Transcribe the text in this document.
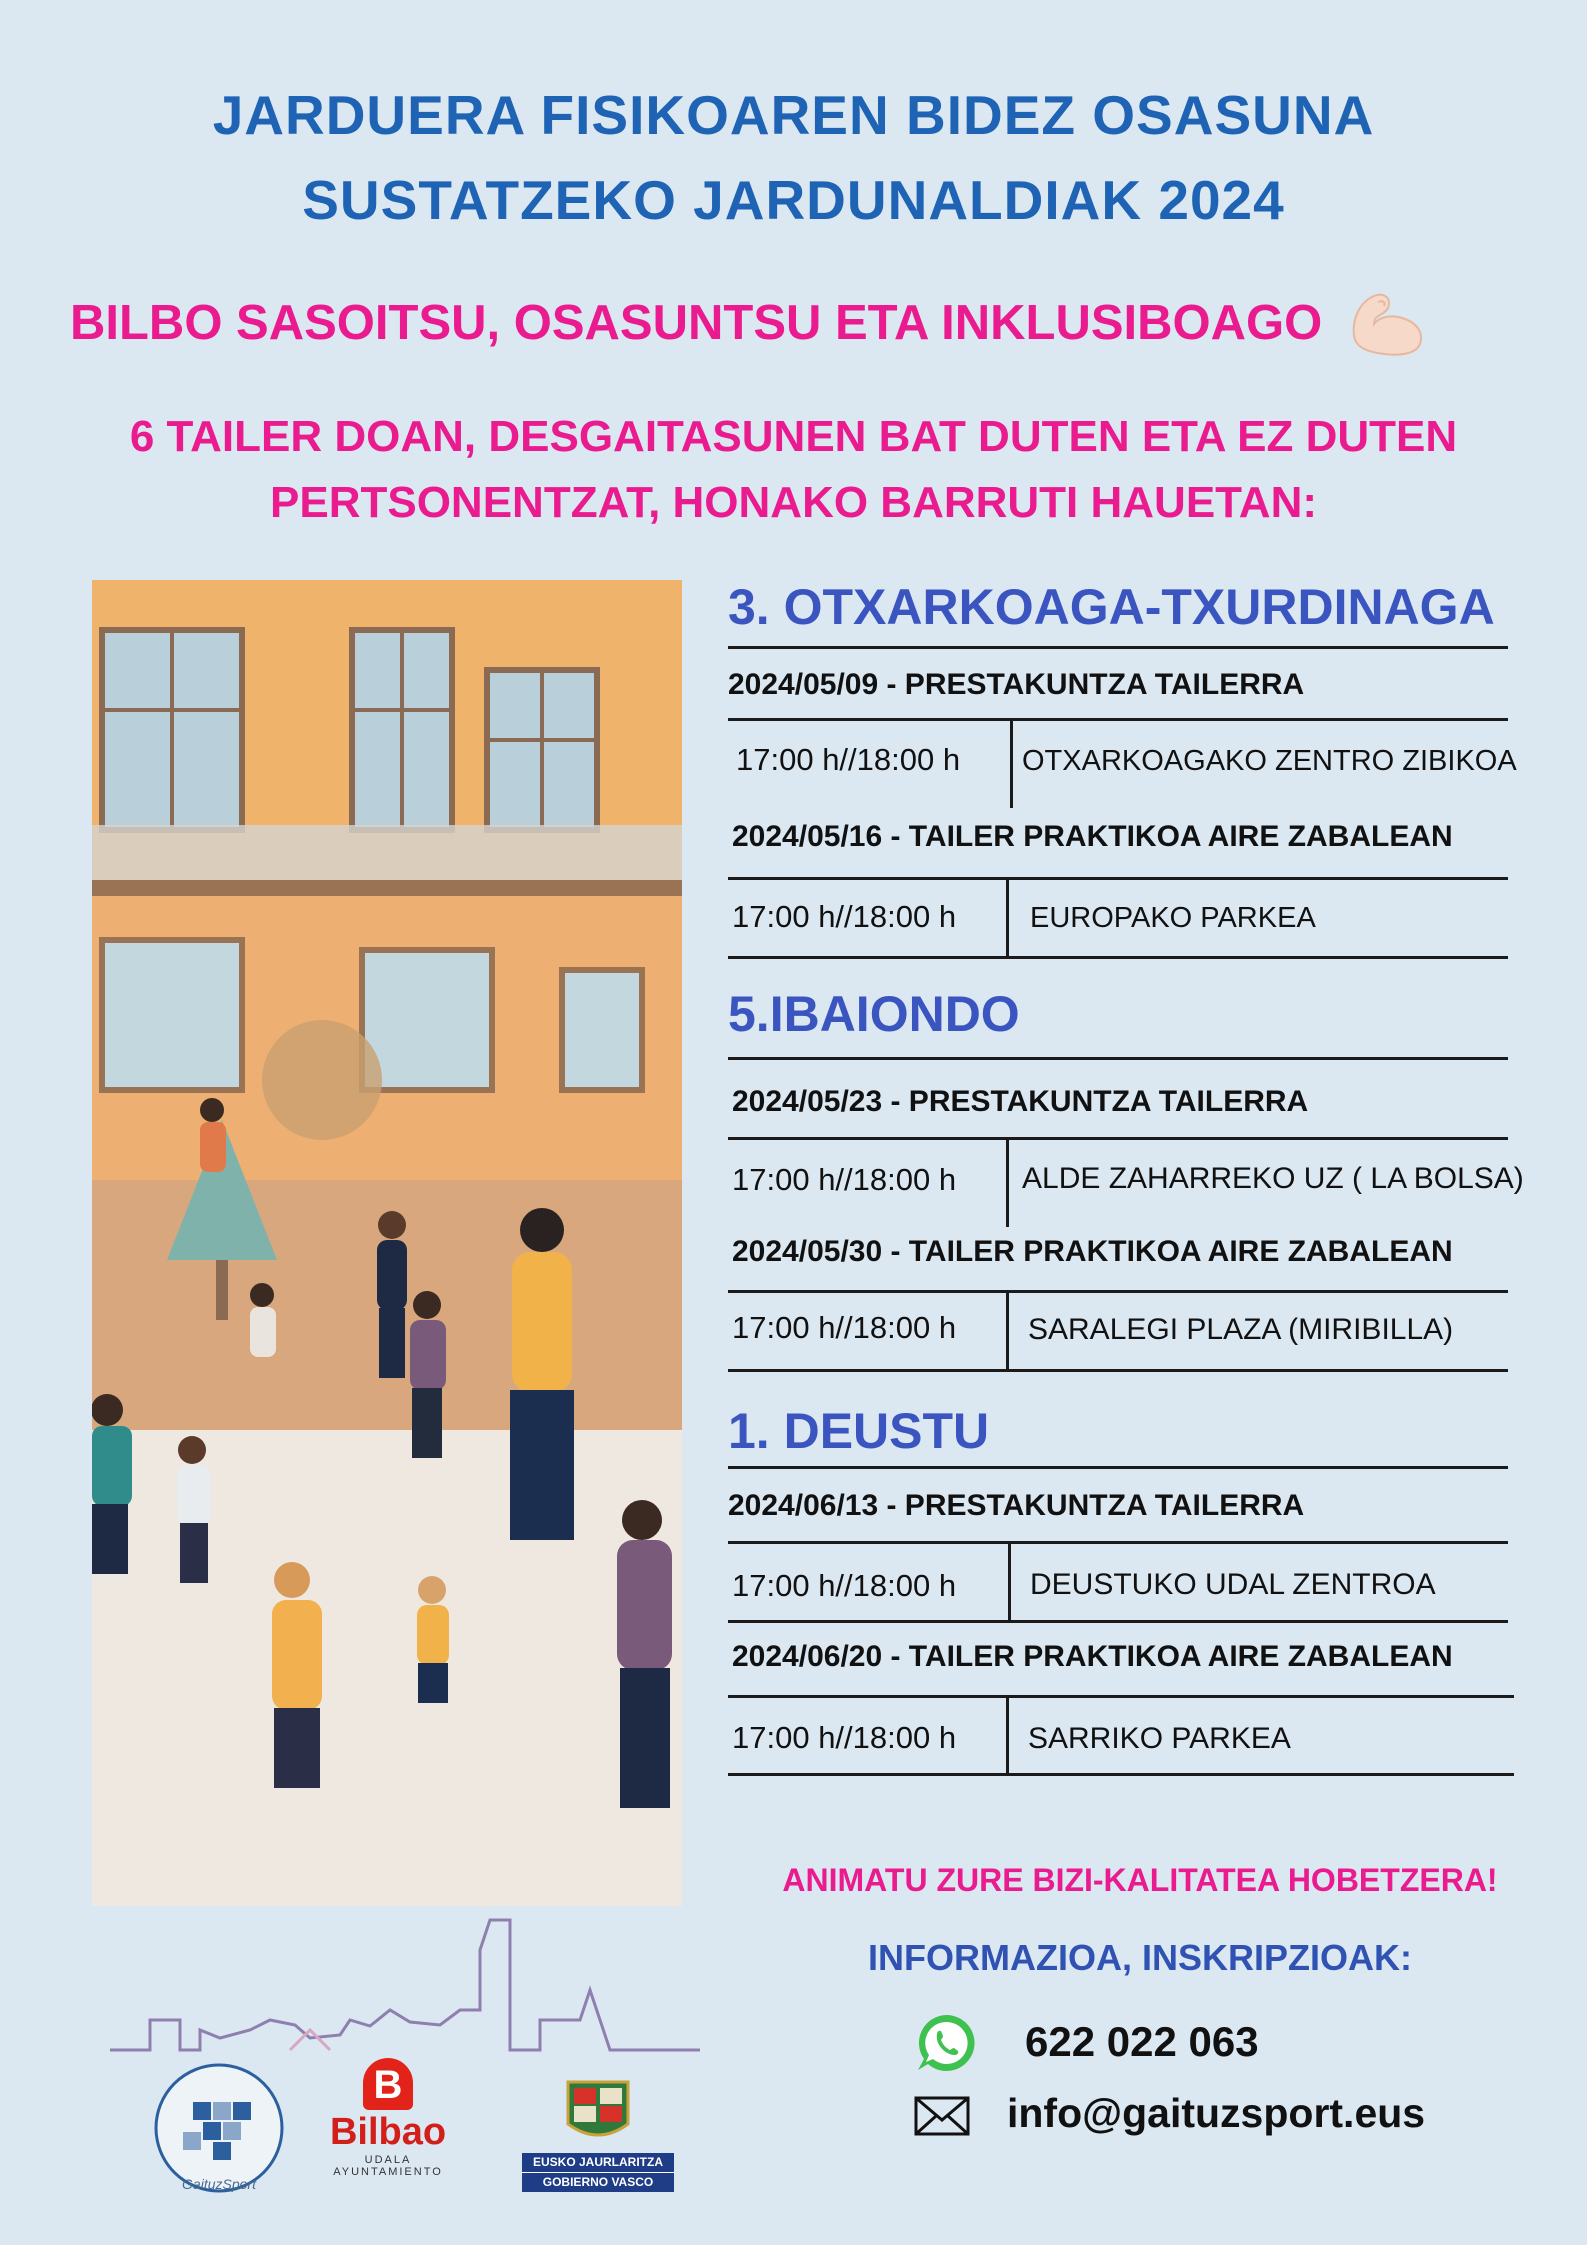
JARDUERA FISIKOAREN BIDEZ OSASUNA
SUSTATZEKO JARDUNALDIAK 2024
BILBO SASOITSU, OSASUNTSU ETA INKLUSIBOAGO
6 TAILER DOAN, DESGAITASUNEN BAT DUTEN ETA EZ DUTEN
PERTSONENTZAT, HONAKO BARRUTI HAUETAN:
GaituzSport
B
Bilbao
UDALA
AYUNTAMIENTO
EUSKO JAURLARITZA
GOBIERNO VASCO
3. OTXARKOAGA-TXURDINAGA
2024/05/09 - PRESTAKUNTZA TAILERRA
17:00 h//18:00 h OTXARKOAGAKO ZENTRO ZIBIKOA
2024/05/16 - TAILER PRAKTIKOA AIRE ZABALEAN
17:00 h//18:00 h	EUROPAKO PARKEA
5.IBAIONDO
2024/05/23 - PRESTAKUNTZA TAILERRA
17:00 h//18:00 h ALDE ZAHARREKO UZ ( LA BOLSA)
2024/05/30 - TAILER PRAKTIKOA AIRE ZABALEAN
17:00 h//18:00 h SARALEGI PLAZA (MIRIBILLA)
1. DEUSTU
2024/06/13 - PRESTAKUNTZA TAILERRA
17:00 h//18:00 h DEUSTUKO UDAL ZENTROA
2024/06/20 - TAILER PRAKTIKOA AIRE ZABALEAN
17:00 h//18:00 h SARRIKO PARKEA
ANIMATU ZURE BIZI-KALITATEA HOBETZERA!
INFORMAZIOA, INSKRIPZIOAK:
622 022 063
info@gaituzsport.eus
